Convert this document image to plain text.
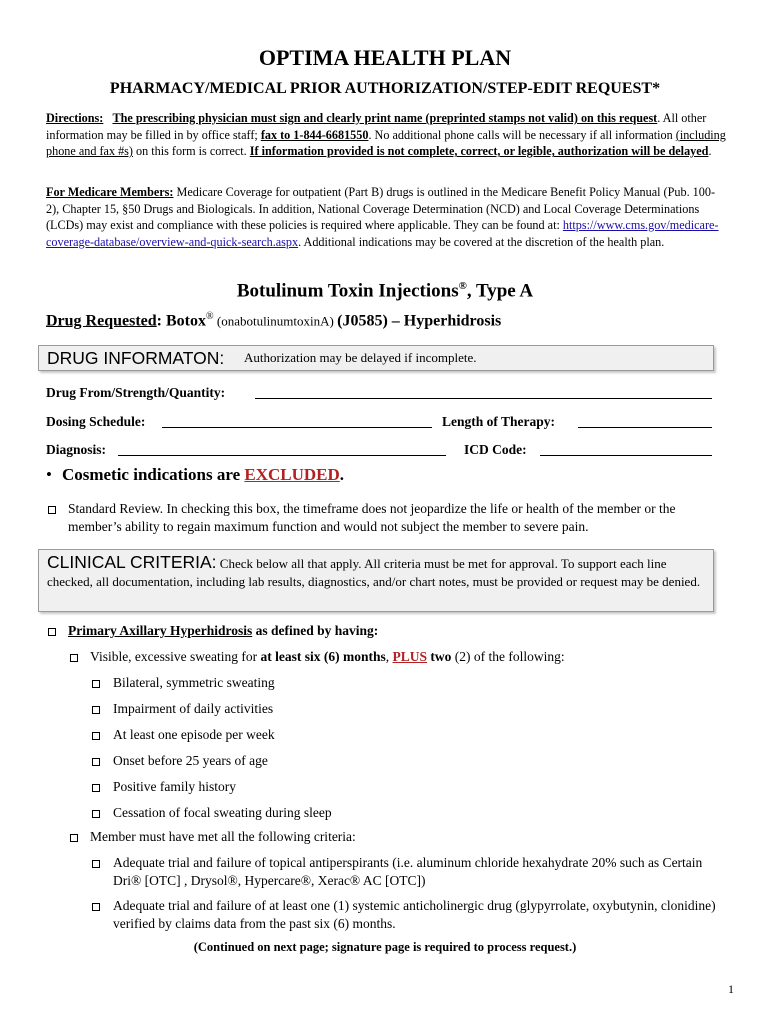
OPTIMA HEALTH PLAN
PHARMACY/MEDICAL PRIOR AUTHORIZATION/STEP-EDIT REQUEST*
Directions: The prescribing physician must sign and clearly print name (preprinted stamps not valid) on this request. All other information may be filled in by office staff; fax to 1-844-6681550. No additional phone calls will be necessary if all information (including phone and fax #s) on this form is correct. If information provided is not complete, correct, or legible, authorization will be delayed.
For Medicare Members: Medicare Coverage for outpatient (Part B) drugs is outlined in the Medicare Benefit Policy Manual (Pub. 100-2), Chapter 15, §50 Drugs and Biologicals. In addition, National Coverage Determination (NCD) and Local Coverage Determinations (LCDs) may exist and compliance with these policies is required where applicable. They can be found at: https://www.cms.gov/medicare-coverage-database/overview-and-quick-search.aspx. Additional indications may be covered at the discretion of the health plan.
Botulinum Toxin Injections®, Type A
Drug Requested: Botox® (onabotulinumtoxinA) (J0585) – Hyperhidrosis
DRUG INFORMATON: Authorization may be delayed if incomplete.
Drug From/Strength/Quantity:
Dosing Schedule:	Length of Therapy:
Diagnosis:	ICD Code:
• Cosmetic indications are EXCLUDED.
Standard Review. In checking this box, the timeframe does not jeopardize the life or health of the member or the member’s ability to regain maximum function and would not subject the member to severe pain.
CLINICAL CRITERIA: Check below all that apply. All criteria must be met for approval. To support each line checked, all documentation, including lab results, diagnostics, and/or chart notes, must be provided or request may be denied.
Primary Axillary Hyperhidrosis as defined by having:
Visible, excessive sweating for at least six (6) months, PLUS two (2) of the following:
Bilateral, symmetric sweating
Impairment of daily activities
At least one episode per week
Onset before 25 years of age
Positive family history
Cessation of focal sweating during sleep
Member must have met all the following criteria:
Adequate trial and failure of topical antiperspirants (i.e. aluminum chloride hexahydrate 20% such as Certain Dri® [OTC] , Drysol®, Hypercare®, Xerac® AC [OTC])
Adequate trial and failure of at least one (1) systemic anticholinergic drug (glypyrrolate, oxybutynin, clonidine) verified by claims data from the past six (6) months.
(Continued on next page; signature page is required to process request.)
1
